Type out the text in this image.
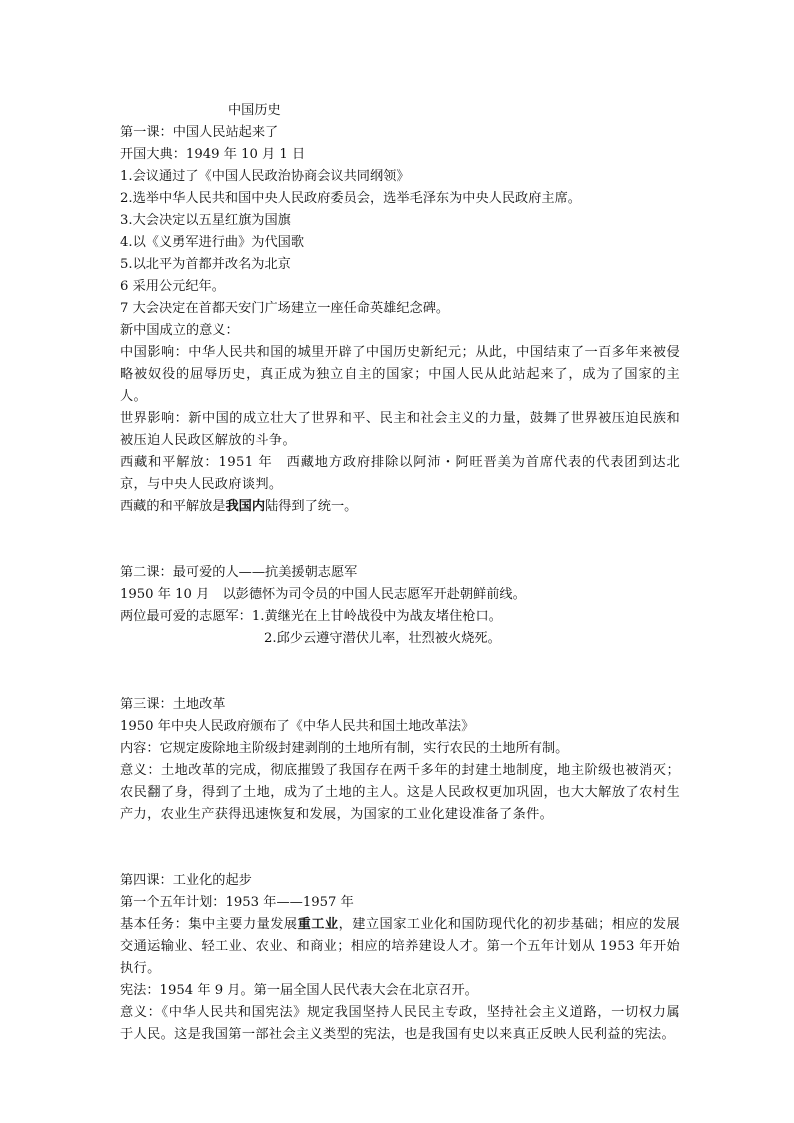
中国历史
第一课：中国人民站起来了
开国大典：1949 年 10 月 1 日
1.会议通过了《中国人民政治协商会议共同纲领》
2.选举中华人民共和国中央人民政府委员会，选举毛泽东为中央人民政府主席。
3.大会决定以五星红旗为国旗
4.以《义勇军进行曲》为代国歌
5.以北平为首都并改名为北京
6 采用公元纪年。
7 大会决定在首都天安门广场建立一座任命英雄纪念碑。
新中国成立的意义：
中国影响：中华人民共和国的城里开辟了中国历史新纪元；从此，中国结束了一百多年来被侵略被奴役的屈辱历史，真正成为独立自主的国家；中国人民从此站起来了，成为了国家的主人。
世界影响：新中国的成立壮大了世界和平、民主和社会主义的力量，鼓舞了世界被压迫民族和被压迫人民政区解放的斗争。
西藏和平解放：1951 年　西藏地方政府排除以阿沛・阿旺晋美为首席代表的代表团到达北京，与中央人民政府谈判。
西藏的和平解放是我国内陆得到了统一。
第二课：最可爱的人——抗美援朝志愿军
1950 年 10 月　以彭德怀为司令员的中国人民志愿军开赴朝鲜前线。
两位最可爱的志愿军：1.黄继光在上甘岭战役中为战友堵住枪口。
2.邱少云遵守潜伏儿率，壮烈被火烧死。
第三课：土地改革
1950 年中央人民政府颁布了《中华人民共和国土地改革法》
内容：它规定废除地主阶级封建剥削的土地所有制，实行农民的土地所有制。
意义：土地改革的完成，彻底摧毁了我国存在两千多年的封建土地制度，地主阶级也被消灭；农民翻了身，得到了土地，成为了土地的主人。这是人民政权更加巩固，也大大解放了农村生产力，农业生产获得迅速恢复和发展，为国家的工业化建设准备了条件。
第四课：工业化的起步
第一个五年计划：1953 年——1957 年
基本任务：集中主要力量发展重工业，建立国家工业化和国防现代化的初步基础；相应的发展交通运输业、轻工业、农业、和商业；相应的培养建设人才。第一个五年计划从 1953 年开始执行。
宪法：1954 年 9 月。第一届全国人民代表大会在北京召开。
意义：《中华人民共和国宪法》规定我国坚持人民民主专政，坚持社会主义道路，一切权力属于人民。这是我国第一部社会主义类型的宪法，也是我国有史以来真正反映人民利益的宪法。
